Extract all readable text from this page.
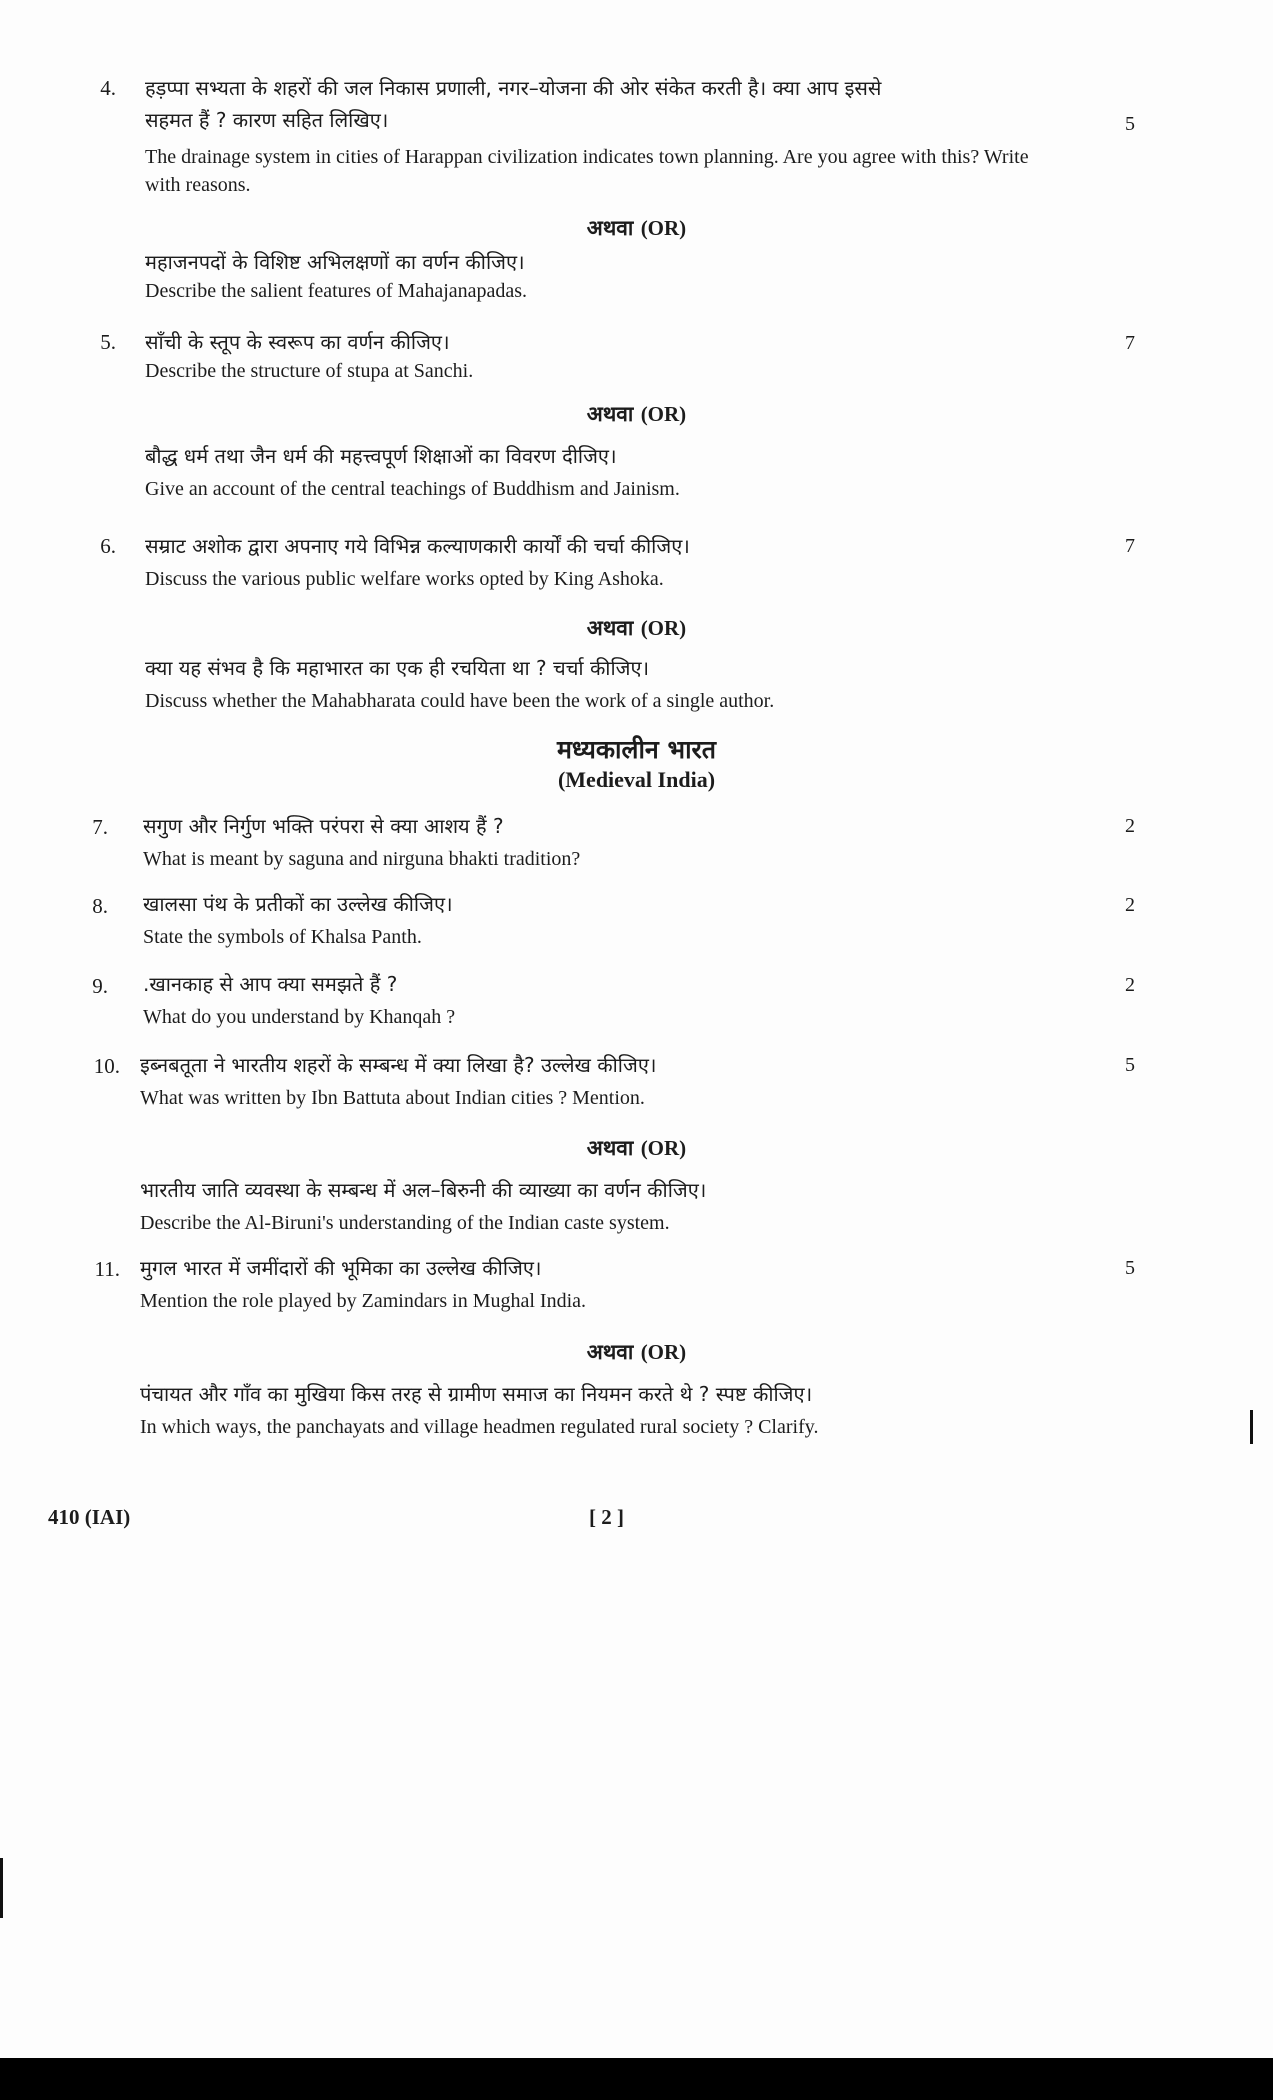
4. हड़प्पा सभ्यता के शहरों की जल निकास प्रणाली, नगर–योजना की ओर संकेत करती है। क्या आप इससे
सहमत हैं ? कारण सहित लिखिए।	5
The drainage system in cities of Harappan civilization indicates town planning. Are you agree with this? Write
with reasons.
अथवा (OR)
महाजनपदों के विशिष्ट अभिलक्षणों का वर्णन कीजिए।
Describe the salient features of Mahajanapadas.
5. साँची के स्तूप के स्वरूप का वर्णन कीजिए।	7
Describe the structure of stupa at Sanchi.
अथवा (OR)
बौद्ध धर्म तथा जैन धर्म की महत्त्वपूर्ण शिक्षाओं का विवरण दीजिए।
Give an account of the central teachings of Buddhism and Jainism.
6. सम्राट अशोक द्वारा अपनाए गये विभिन्न कल्याणकारी कार्यों की चर्चा कीजिए।	7
Discuss the various public welfare works opted by King Ashoka.
अथवा (OR)
क्या यह संभव है कि महाभारत का एक ही रचयिता था ? चर्चा कीजिए।
Discuss whether the Mahabharata could have been the work of a single author.
मध्यकालीन भारत
(Medieval India)
7. सगुण और निर्गुण भक्ति परंपरा से क्या आशय हैं ?	2
What is meant by saguna and nirguna bhakti tradition?
8. खालसा पंथ के प्रतीकों का उल्लेख कीजिए।	2
State the symbols of Khalsa Panth.
9. .खानकाह से आप क्या समझते हैं ?	2
What do you understand by Khanqah ?
10. इब्नबतूता ने भारतीय शहरों के सम्बन्ध में क्या लिखा है? उल्लेख कीजिए।	5
What was written by Ibn Battuta about Indian cities ? Mention.
अथवा (OR)
भारतीय जाति व्यवस्था के सम्बन्ध में अल–बिरुनी की व्याख्या का वर्णन कीजिए।
Describe the Al-Biruni's understanding of the Indian caste system.
11. मुगल भारत में जमींदारों की भूमिका का उल्लेख कीजिए।	5
Mention the role played by Zamindars in Mughal India.
अथवा (OR)
पंचायत और गाँव का मुखिया किस तरह से ग्रामीण समाज का नियमन करते थे ? स्पष्ट कीजिए।
In which ways, the panchayats and village headmen regulated rural society ? Clarify.
410 (IAI)	[ 2 ]
